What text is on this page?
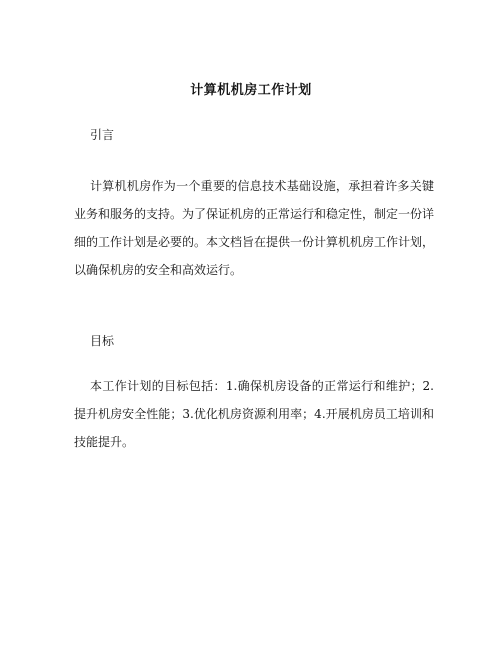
计算机机房工作计划
引言
计算机机房作为一个重要的信息技术基础设施，承担着许多关键业务和服务的支持。为了保证机房的正常运行和稳定性，制定一份详细的工作计划是必要的。本文档旨在提供一份计算机机房工作计划，以确保机房的安全和高效运行。
目标
本工作计划的目标包括：1.确保机房设备的正常运行和维护；2.提升机房安全性能；3.优化机房资源利用率；4.开展机房员工培训和技能提升。
